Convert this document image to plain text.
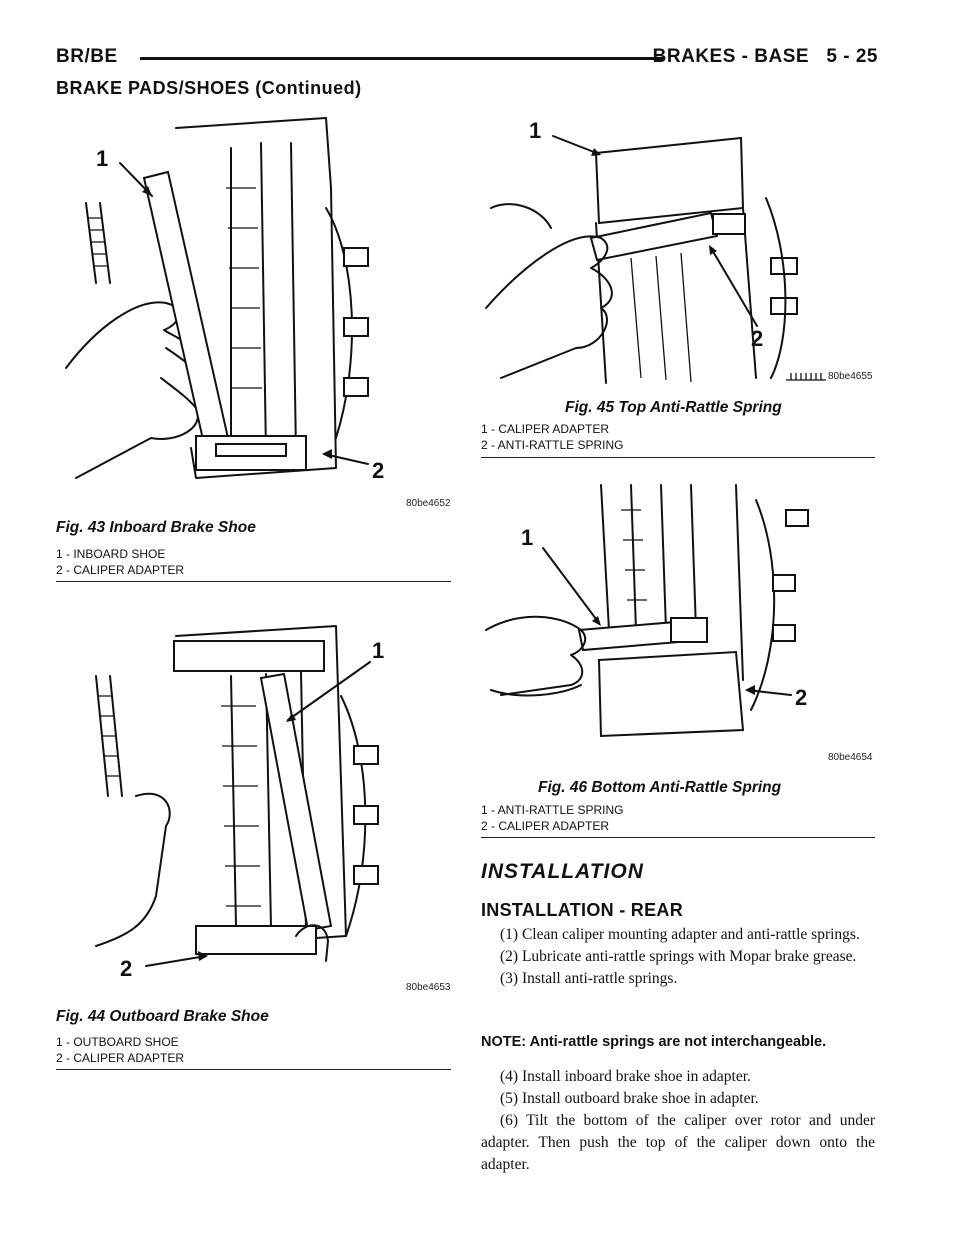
BR/BE	BRAKES - BASE 5 - 25
BRAKE PADS/SHOES (Continued)
1
2
80be4652
Fig. 43 Inboard Brake Shoe
1 - INBOARD SHOE
2 - CALIPER ADAPTER
1
2
80be4653
Fig. 44 Outboard Brake Shoe
1 - OUTBOARD SHOE
2 - CALIPER ADAPTER
1
2
80be4655
Fig. 45 Top Anti-Rattle Spring
1 - CALIPER ADAPTER
2 - ANTI-RATTLE SPRING
1
2
80be4654
Fig. 46 Bottom Anti-Rattle Spring
1 - ANTI-RATTLE SPRING
2 - CALIPER ADAPTER
INSTALLATION
INSTALLATION - REAR

(1) Clean caliper mounting adapter and anti-rattle springs.

(2) Lubricate anti-rattle springs with Mopar brake grease.

(3) Install anti-rattle springs.

NOTE: Anti-rattle springs are not interchangeable.

(4) Install inboard brake shoe in adapter.

(5) Install outboard brake shoe in adapter.

(6) Tilt the bottom of the caliper over rotor and under adapter. Then push the top of the caliper down onto the adapter.
